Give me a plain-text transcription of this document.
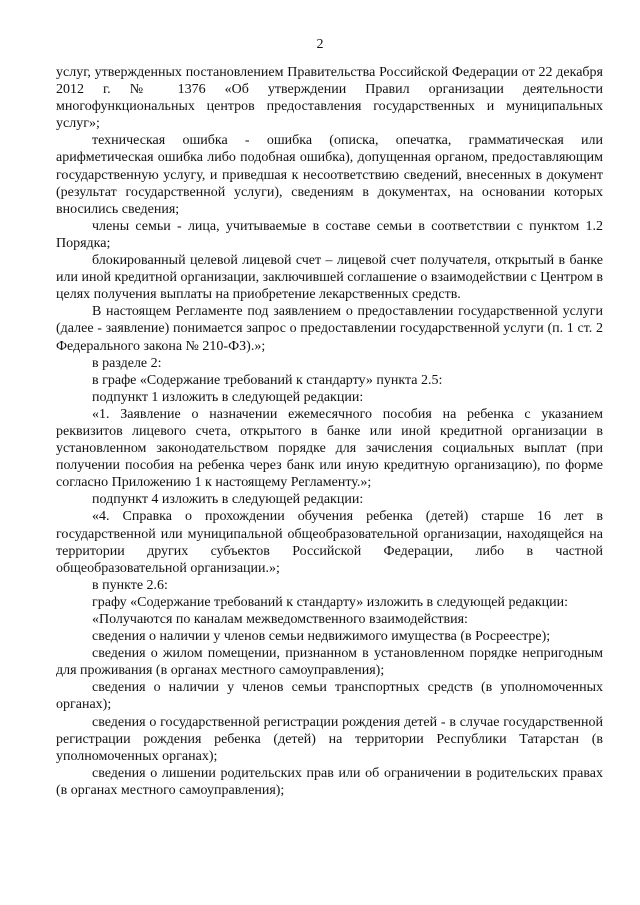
2

услуг, утвержденных постановлением Правительства Российской Федерации от 22 декабря 2012 г. № 1376 «Об утверждении Правил организации деятельности многофункциональных центров предоставления государственных и муниципальных услуг»;

техническая ошибка - ошибка (описка, опечатка, грамматическая или арифметическая ошибка либо подобная ошибка), допущенная органом, предоставляющим государственную услугу, и приведшая к несоответствию сведений, внесенных в документ (результат государственной услуги), сведениям в документах, на основании которых вносились сведения;

члены семьи - лица, учитываемые в составе семьи в соответствии с пунктом 1.2 Порядка;

блокированный целевой лицевой счет – лицевой счет получателя, открытый в банке или иной кредитной организации, заключившей соглашение о взаимодействии с Центром в целях получения выплаты на приобретение лекарственных средств.

В настоящем Регламенте под заявлением о предоставлении государственной услуги (далее - заявление) понимается запрос о предоставлении государственной услуги (п. 1 ст. 2 Федерального закона № 210-ФЗ).»;

в разделе 2:

в графе «Содержание требований к стандарту» пункта 2.5:

подпункт 1 изложить в следующей редакции:

«1. Заявление о назначении ежемесячного пособия на ребенка с указанием реквизитов лицевого счета, открытого в банке или иной кредитной организации в установленном законодательством порядке для зачисления социальных выплат (при получении пособия на ребенка через банк или иную кредитную организацию), по форме согласно Приложению 1 к настоящему Регламенту.»;

подпункт 4 изложить в следующей редакции:

«4. Справка о прохождении обучения ребенка (детей) старше 16 лет в государственной или муниципальной общеобразовательной организации, находящейся на территории других субъектов Российской Федерации, либо в частной общеобразовательной организации.»;

в пункте 2.6:

графу «Содержание требований к стандарту» изложить в следующей редакции:

«Получаются по каналам межведомственного взаимодействия:

сведения о наличии у членов семьи недвижимого имущества (в Росреестре);

сведения о жилом помещении, признанном в установленном порядке непригодным для проживания (в органах местного самоуправления);

сведения о наличии у членов семьи транспортных средств (в уполномоченных органах);

сведения о государственной регистрации рождения детей - в случае государственной регистрации рождения ребенка (детей) на территории Республики Татарстан (в уполномоченных органах);

сведения о лишении родительских прав или об ограничении в родительских правах (в органах местного самоуправления);
